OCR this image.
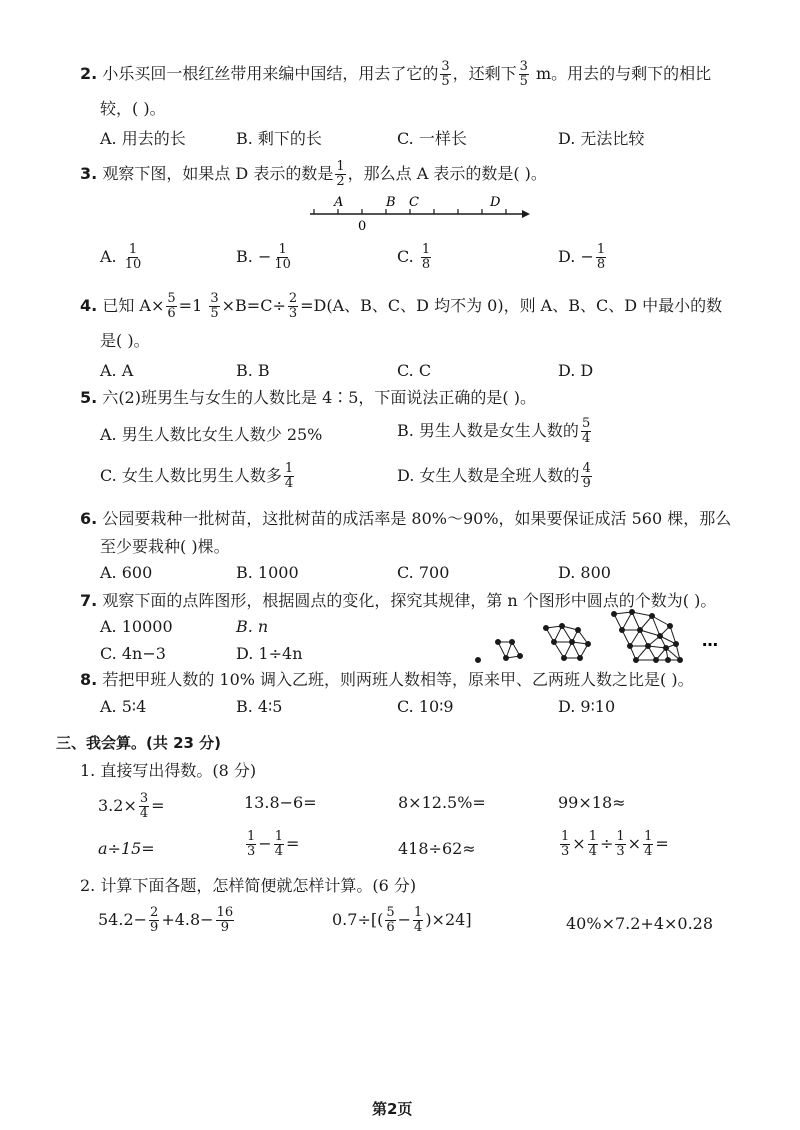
2. 小乐买回一根红丝带用来编中国结，用去了它的 $\frac{3}{5}$ ，还剩下 $\frac{3}{5}$ m。用去的与剩下的相比
较，( )。
A. 用去的长	B. 剩下的长	C. 一样长	D. 无法比较
3. 观察下图，如果点 D 表示的数是 $\frac{1}{2}$ ，那么点 A 表示的数是( )。
A	B C	D
0
A. $\frac{1}{10}$	B. − $\frac{1}{10}$	C. $\frac{1}{8}$	D. − $\frac{1}{8}$
4. 已知 $A\times \frac{5}{6} =1 \frac{3}{5} \times B=C\div \frac{2}{3} =D(A$、B、C、D 均不为 0)，则 A、B、C、D 中最小的数
是( )。
A. A	B. B	C. C	D. D
5. 六(2)班男生与女生的人数比是 4∶5，下面说法正确的是( )。
A. 男生人数比女生人数少 25%	B. 男生人数是女生人数的 $\frac{5}{4}$
C. 女生人数比男生人数多 $\frac{1}{4}$	D. 女生人数是全班人数的 $\frac{4}{9}$
6. 公园要栽种一批树苗，这批树苗的成活率是 80%～90%，如果要保证成活 560 棵，那么
至少要栽种( )棵。
A. 600	B. 1000	C. 700	D. 800
7. 观察下面的点阵图形，根据圆点的变化，探究其规律，第 n 个图形中圆点的个数为( )。
A. 10000	B. n
C. 4n−3	D. 1÷4n
…
8. 若把甲班人数的 10% 调入乙班，则两班人数相等，原来甲、乙两班人数之比是( )。
A. 5∶4	B. 4∶5	C. 10∶9	D. 9∶10
三、我会算。(共 23 分)
1. 直接写出得数。(8 分)
$3.2\times \frac{3}{4}$ =	13.8−6=	8×12.5%=	99×18≈
a÷15=	$\frac{1}{3} - \frac{1}{4}$ =	418÷62≈	$\frac{1}{3} \times \frac{1}{4} \div \frac{1}{3} \times \frac{1}{4}$ =
2. 计算下面各题，怎样简便就怎样计算。(6 分)
$54.2- \frac{2}{9} +4.8- \frac{16}{9}$	$0.7\div[( \frac{5}{6} - \frac{1}{4} )\times 24]$	40%×7.2+4×0.28
第2页
